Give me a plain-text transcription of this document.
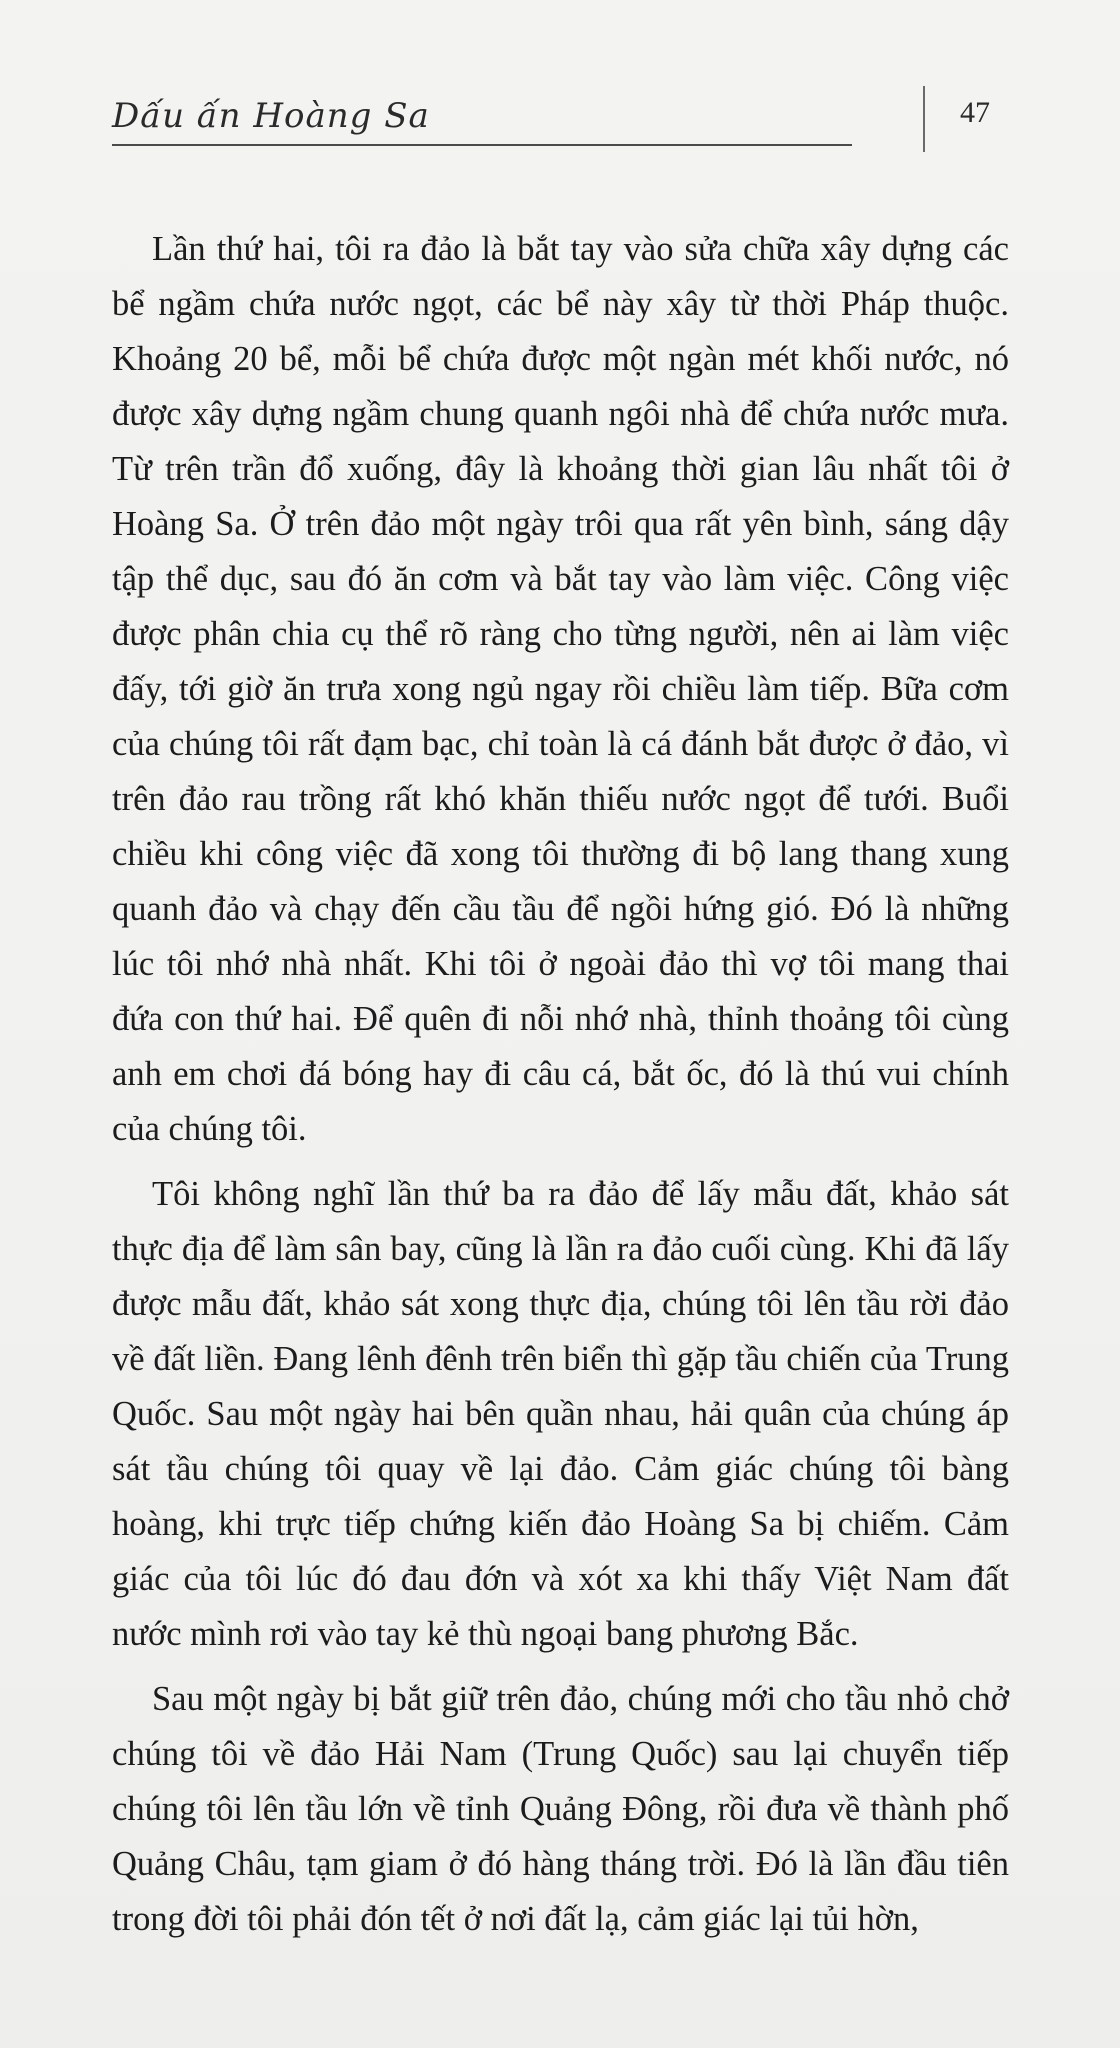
Dấu ấn Hoàng Sa	47

Lần thứ hai, tôi ra đảo là bắt tay vào sửa chữa xây dựng các bể ngầm chứa nước ngọt, các bể này xây từ thời Pháp thuộc. Khoảng 20 bể, mỗi bể chứa được một ngàn mét khối nước, nó được xây dựng ngầm chung quanh ngôi nhà để chứa nước mưa. Từ trên trần đổ xuống, đây là khoảng thời gian lâu nhất tôi ở Hoàng Sa. Ở trên đảo một ngày trôi qua rất yên bình, sáng dậy tập thể dục, sau đó ăn cơm và bắt tay vào làm việc. Công việc được phân chia cụ thể rõ ràng cho từng người, nên ai làm việc đấy, tới giờ ăn trưa xong ngủ ngay rồi chiều làm tiếp. Bữa cơm của chúng tôi rất đạm bạc, chỉ toàn là cá đánh bắt được ở đảo, vì trên đảo rau trồng rất khó khăn thiếu nước ngọt để tưới. Buổi chiều khi công việc đã xong tôi thường đi bộ lang thang xung quanh đảo và chạy đến cầu tầu để ngồi hứng gió. Đó là những lúc tôi nhớ nhà nhất. Khi tôi ở ngoài đảo thì vợ tôi mang thai đứa con thứ hai. Để quên đi nỗi nhớ nhà, thỉnh thoảng tôi cùng anh em chơi đá bóng hay đi câu cá, bắt ốc, đó là thú vui chính của chúng tôi.

Tôi không nghĩ lần thứ ba ra đảo để lấy mẫu đất, khảo sát thực địa để làm sân bay, cũng là lần ra đảo cuối cùng. Khi đã lấy được mẫu đất, khảo sát xong thực địa, chúng tôi lên tầu rời đảo về đất liền. Đang lênh đênh trên biển thì gặp tầu chiến của Trung Quốc. Sau một ngày hai bên quần nhau, hải quân của chúng áp sát tầu chúng tôi quay về lại đảo. Cảm giác chúng tôi bàng hoàng, khi trực tiếp chứng kiến đảo Hoàng Sa bị chiếm. Cảm giác của tôi lúc đó đau đớn và xót xa khi thấy Việt Nam đất nước mình rơi vào tay kẻ thù ngoại bang phương Bắc.

Sau một ngày bị bắt giữ trên đảo, chúng mới cho tầu nhỏ chở chúng tôi về đảo Hải Nam (Trung Quốc) sau lại chuyển tiếp chúng tôi lên tầu lớn về tỉnh Quảng Đông, rồi đưa về thành phố Quảng Châu, tạm giam ở đó hàng tháng trời. Đó là lần đầu tiên trong đời tôi phải đón tết ở nơi đất lạ, cảm giác lại tủi hờn,
